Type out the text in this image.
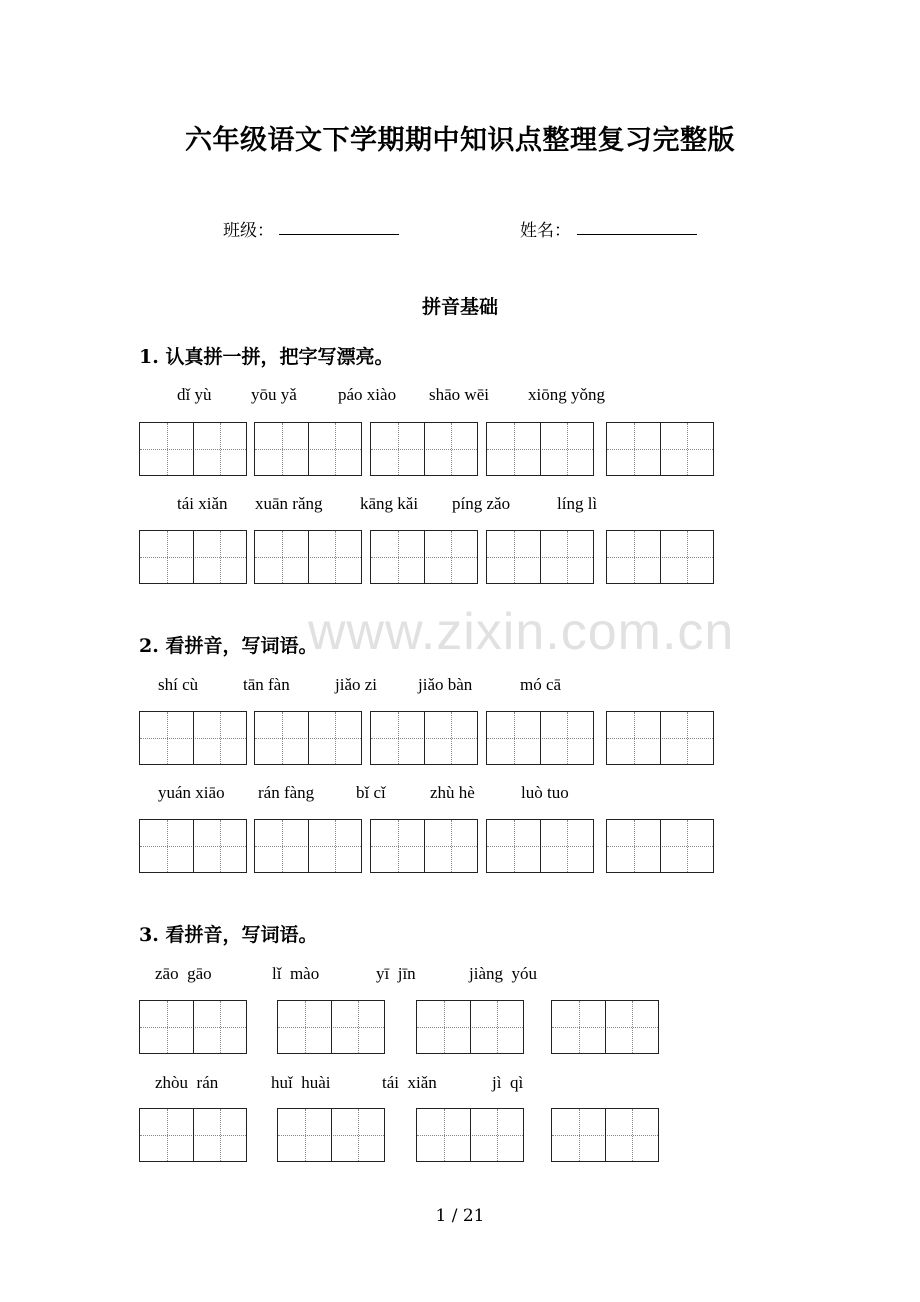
六年级语文下学期期中知识点整理复习完整版
班级：	姓名：
拼音基础
1. 认真拼一拼，把字写漂亮。
dǐ yù yōu yǎ páo xiào shāo wēi xiōng yǒng
tái xiǎn xuān rǎng kāng kǎi píng zǎo	líng lì
www.zixin.com.cn
2. 看拼音，写词语。
shí cù	tān fàn	jiǎo zi jiǎo bàn	mó cā
yuán xiāo rán fàng bǐ cǐ	zhù hè	luò tuo
3. 看拼音，写词语。
zāo  gāo	lǐ  mào	yī  jīn	jiàng  yóu
zhòu  rán	huǐ  huài	tái  xiǎn	jì  qì
1 / 21
